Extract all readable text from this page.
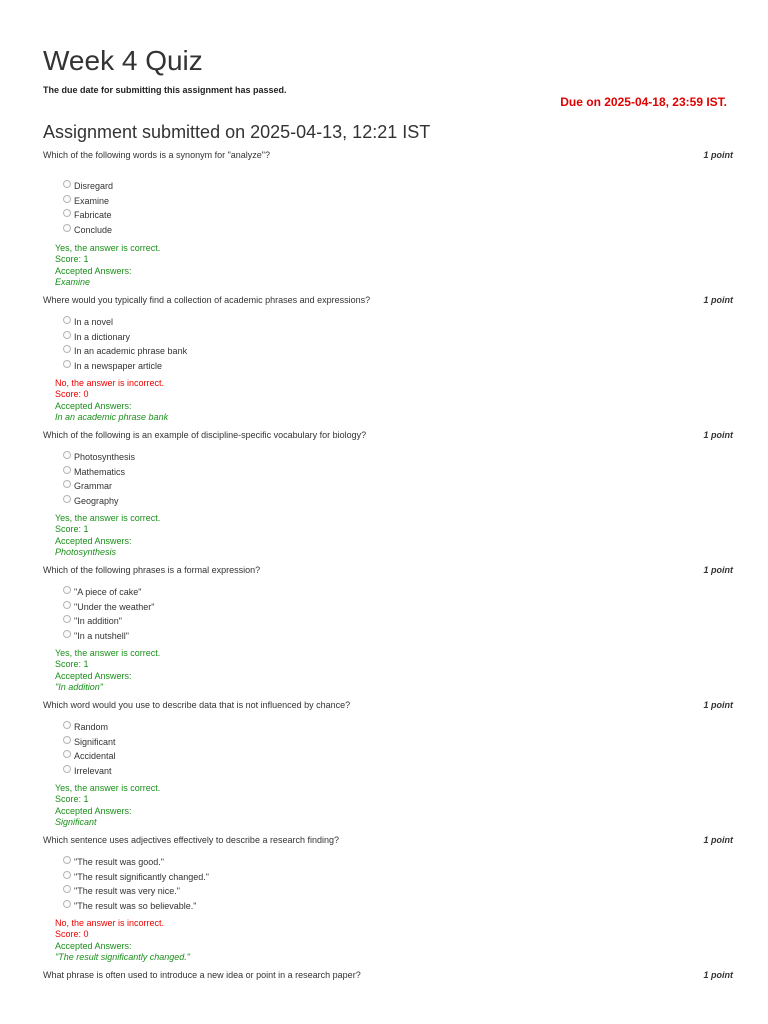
Week 4 Quiz
The due date for submitting this assignment has passed.
Due on 2025-04-18, 23:59 IST.
Assignment submitted on 2025-04-13, 12:21 IST
Which of the following words is a synonym for "analyze"?	1 point
Disregard
Examine
Fabricate
Conclude
Yes, the answer is correct.
Score: 1
Accepted Answers:
Examine
Where would you typically find a collection of academic phrases and expressions?	1 point
In a novel
In a dictionary
In an academic phrase bank
In a newspaper article
No, the answer is incorrect.
Score: 0
Accepted Answers:
In an academic phrase bank
Which of the following is an example of discipline-specific vocabulary for biology?	1 point
Photosynthesis
Mathematics
Grammar
Geography
Yes, the answer is correct.
Score: 1
Accepted Answers:
Photosynthesis
Which of the following phrases is a formal expression?	1 point
"A piece of cake"
"Under the weather"
"In addition"
"In a nutshell"
Yes, the answer is correct.
Score: 1
Accepted Answers:
"In addition"
Which word would you use to describe data that is not influenced by chance?	1 point
Random
Significant
Accidental
Irrelevant
Yes, the answer is correct.
Score: 1
Accepted Answers:
Significant
Which sentence uses adjectives effectively to describe a research finding?	1 point
"The result was good."
"The result significantly changed."
"The result was very nice."
"The result was so believable."
No, the answer is incorrect.
Score: 0
Accepted Answers:
"The result significantly changed."
What phrase is often used to introduce a new idea or point in a research paper?	1 point
